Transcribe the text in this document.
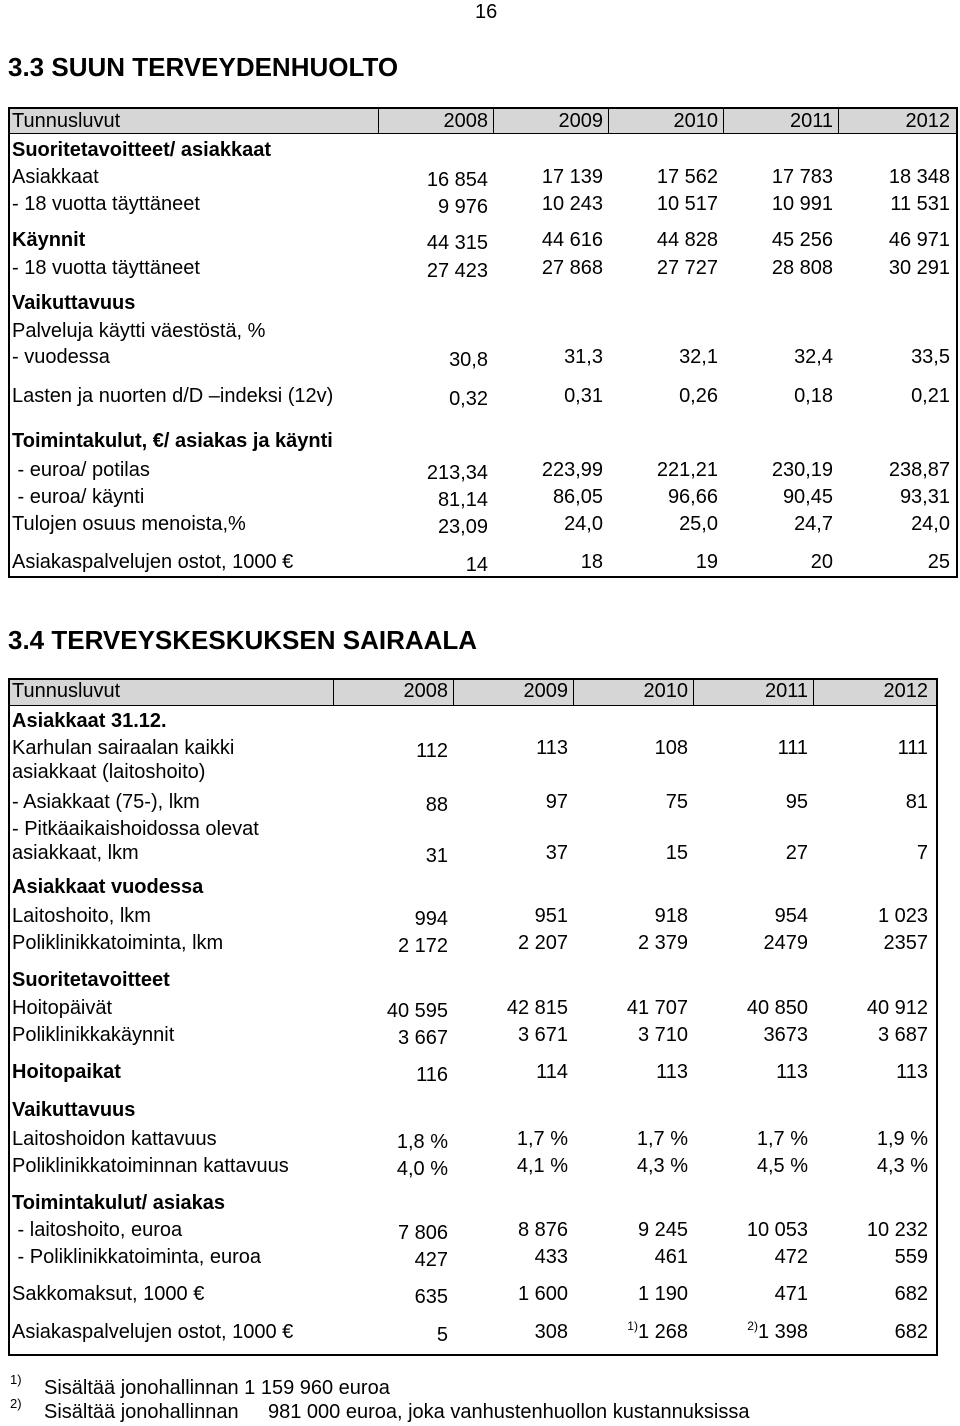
16
3.3 SUUN TERVEYDENHUOLTO
Tunnusluvut	2008	2009	2010	2011	2012
Suoritetavoitteet/ asiakkaat
Asiakkaat	16 854	17 139	17 562	17 783	18 348
- 18 vuotta täyttäneet	9 976	10 243	10 517	10 991	11 531
Käynnit	44 315	44 616	44 828	45 256	46 971
- 18 vuotta täyttäneet	27 423	27 868	27 727	28 808	30 291
Vaikuttavuus
Palveluja käytti väestöstä, %
- vuodessa	30,8	31,3	32,1	32,4	33,5
Lasten ja nuorten d/D –indeksi (12v)	0,32	0,31	0,26	0,18	0,21
Toimintakulut, €/ asiakas ja käynti
- euroa/ potilas	213,34	223,99	221,21	230,19	238,87
- euroa/ käynti	81,14	86,05	96,66	90,45	93,31
Tulojen osuus menoista,%	23,09	24,0	25,0	24,7	24,0
Asiakaspalvelujen ostot, 1000 €	14	18	19	20	25
3.4 TERVEYSKESKUKSEN SAIRAALA
Tunnusluvut	2008	2009	2010	2011	2012
Asiakkaat 31.12.
Karhulan sairaalan kaikki	112	113	108	111	111
asiakkaat (laitoshoito)
- Asiakkaat (75-), lkm	88	97	75	95	81
- Pitkäaikaishoidossa olevat
asiakkaat, lkm	31	37	15	27	7
Asiakkaat vuodessa
Laitoshoito, lkm	994	951	918	954	1 023
Poliklinikkatoiminta, lkm	2 172	2 207	2 379	2479	2357
Suoritetavoitteet
Hoitopäivät	40 595	42 815	41 707	40 850	40 912
Poliklinikkakäynnit	3 667	3 671	3 710	3673	3 687
Hoitopaikat	116	114	113	113	113
Vaikuttavuus
Laitoshoidon kattavuus	1,8 %	1,7 %	1,7 %	1,7 %	1,9 %
Poliklinikkatoiminnan kattavuus	4,0 %	4,1 %	4,3 %	4,5 %	4,3 %
Toimintakulut/ asiakas
- laitoshoito, euroa	7 806	8 876	9 245	10 053	10 232
- Poliklinikkatoiminta, euroa	427	433	461	472	559
Sakkomaksut, 1000 €	635	1 600	1 190	471	682
Asiakaspalvelujen ostot, 1000 €	5	308	$^{1)}$1 268	$^{2)}$1 398	682
1) Sisältää jonohallinnan 1 159 960 euroa
2) Sisältää jonohallinnan 981 000 euroa, joka vanhustenhuollon kustannuksissa
